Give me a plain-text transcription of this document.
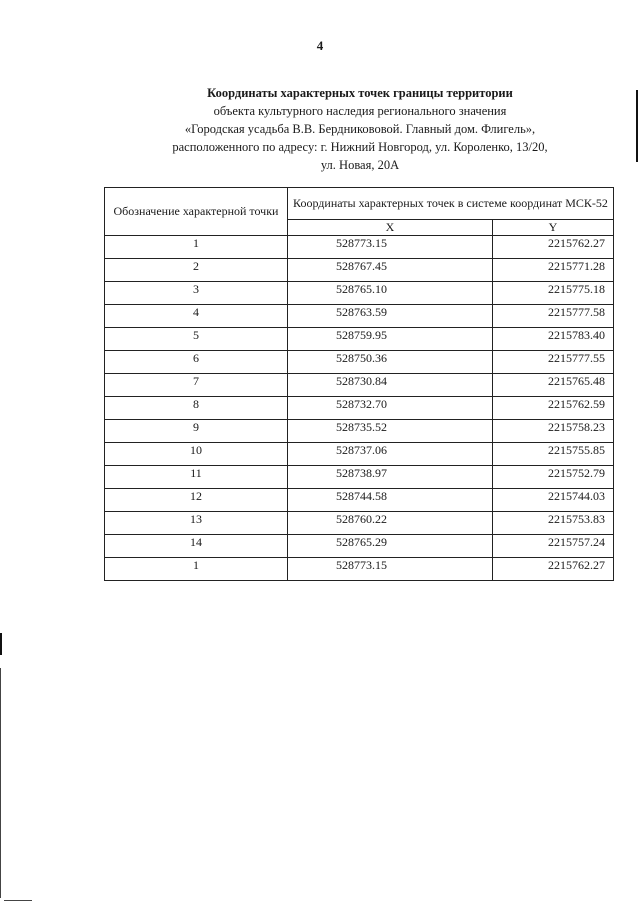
4
Координаты характерных точек границы территории
объекта культурного наследия регионального значения
«Городская усадьба В.В. Бердникововой. Главный дом. Флигель»,
расположенного по адресу: г. Нижний Новгород, ул. Короленко, 13/20,
ул. Новая, 20А
Обозначение характерной точки	Координаты характерных точек в системе координат МСК-52	
	X	Y
1	528773.15	2215762.27
2	528767.45	2215771.28
3	528765.10	2215775.18
4	528763.59	2215777.58
5	528759.95	2215783.40
6	528750.36	2215777.55
7	528730.84	2215765.48
8	528732.70	2215762.59
9	528735.52	2215758.23
10	528737.06	2215755.85
11	528738.97	2215752.79
12	528744.58	2215744.03
13	528760.22	2215753.83
14	528765.29	2215757.24
1	528773.15	2215762.27
